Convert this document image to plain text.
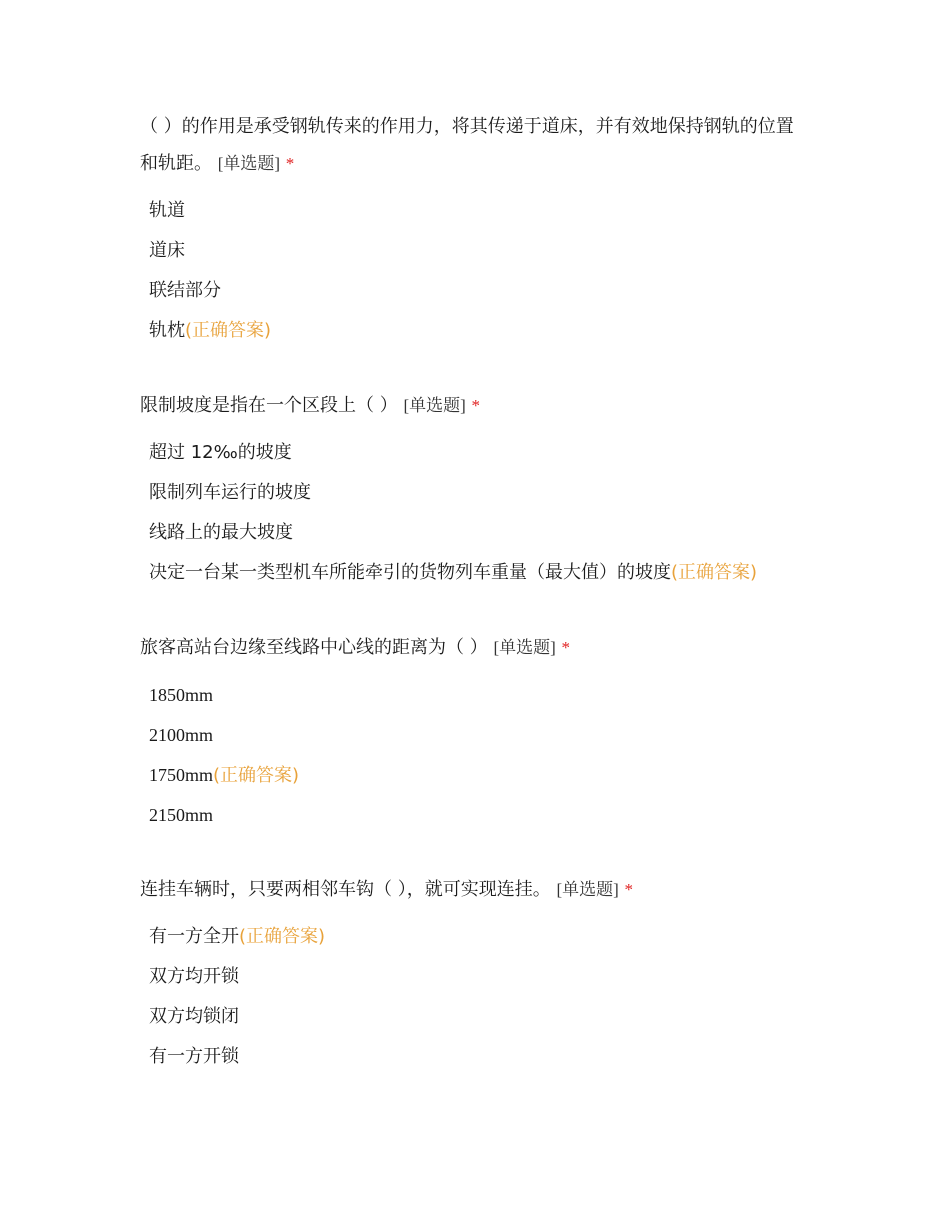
（ ）的作用是承受钢轨传来的作用力，将其传递于道床，并有效地保持钢轨的位置和轨距。 [单选题] *

轨道
道床
联结部分
轨枕(正确答案)

限制坡度是指在一个区段上（ ） [单选题] *

超过 12‰的坡度
限制列车运行的坡度
线路上的最大坡度
决定一台某一类型机车所能牵引的货物列车重量（最大值）的坡度(正确答案)

旅客高站台边缘至线路中心线的距离为（ ） [单选题] *

1850mm
2100mm
1750mm(正确答案)
2150mm

连挂车辆时，只要两相邻车钩（ ），就可实现连挂。 [单选题] *

有一方全开(正确答案)
双方均开锁
双方均锁闭
有一方开锁
